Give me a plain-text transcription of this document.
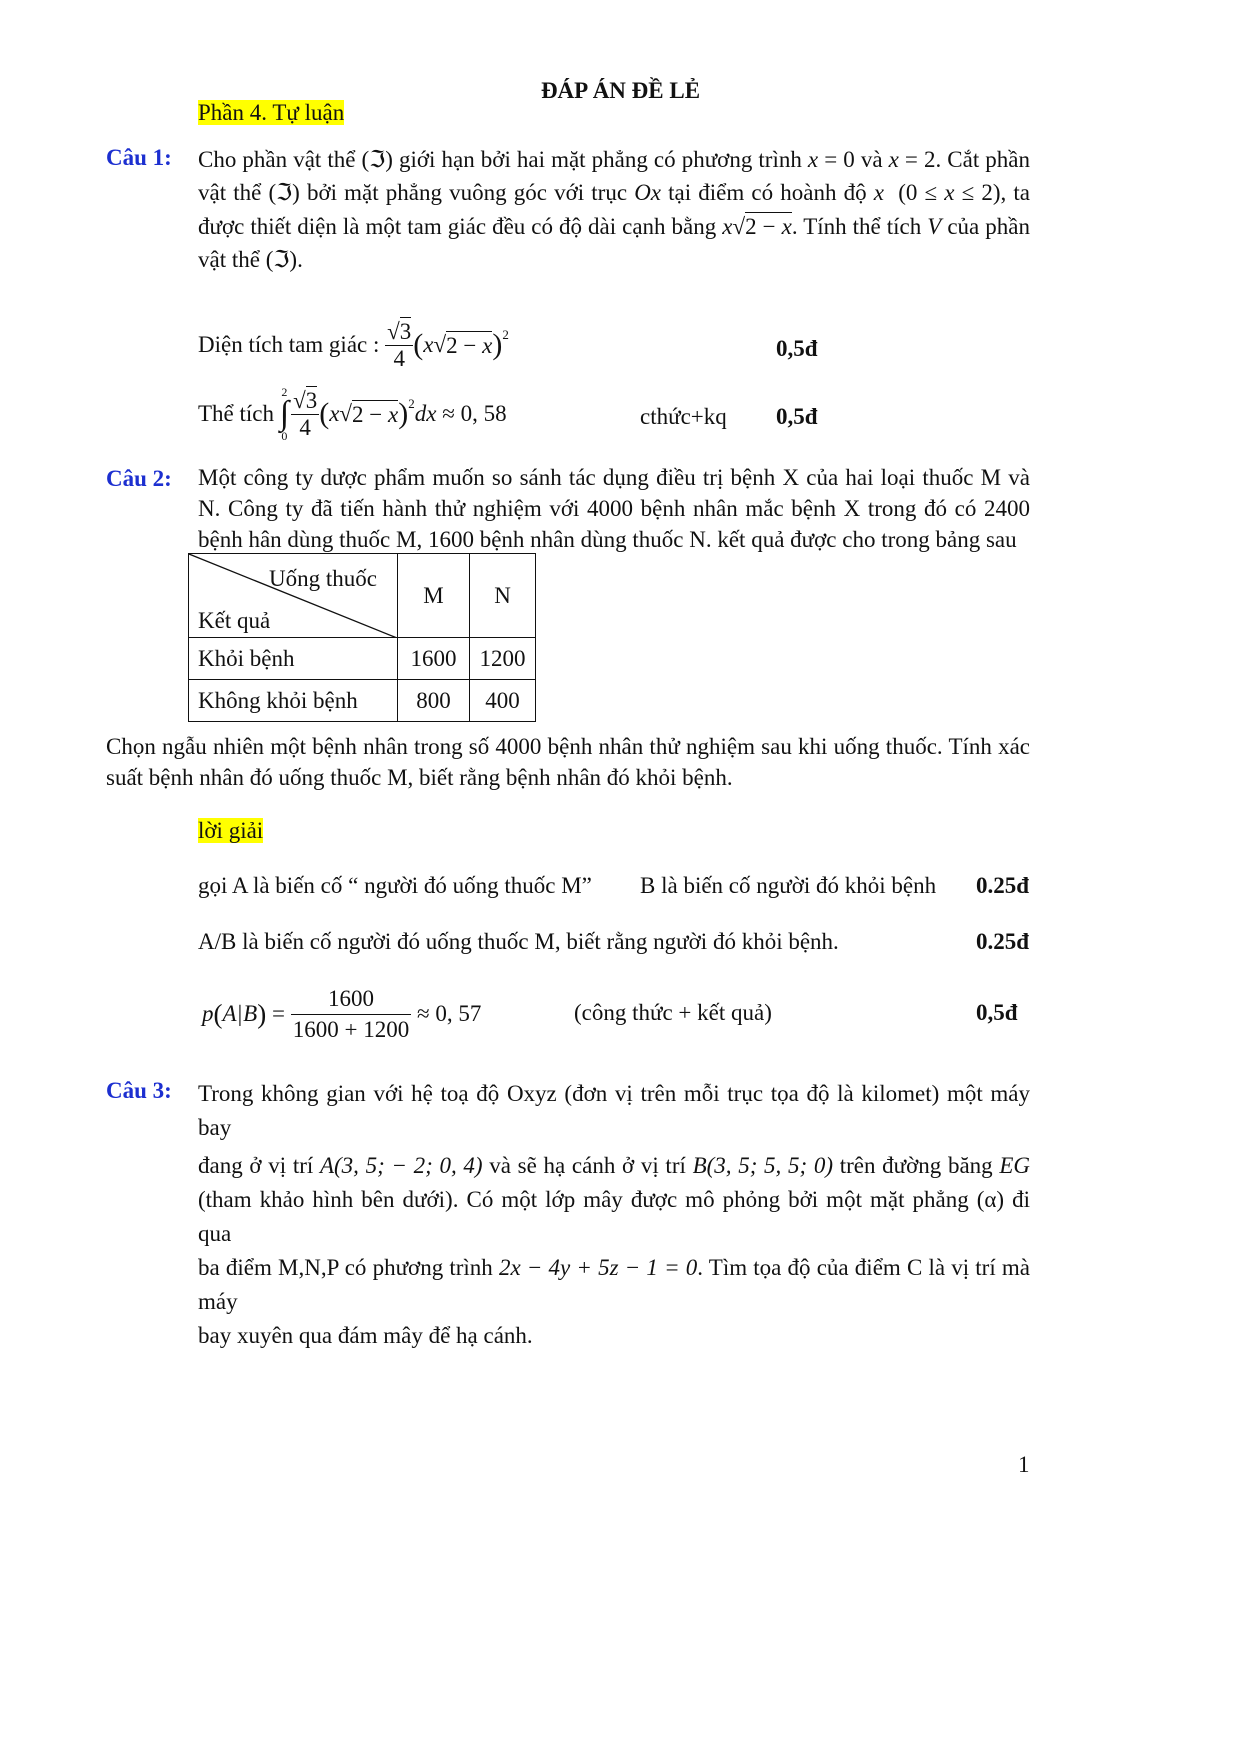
ĐÁP ÁN ĐỀ LẺ
Phần 4. Tự luận
Câu 1: Cho phần vật thể (ℑ) giới hạn bởi hai mặt phẳng có phương trình x = 0 và x = 2. Cắt phần
vật thể (ℑ) bởi mặt phẳng vuông góc với trục Ox tại điểm có hoành độ x  (0 ≤ x ≤ 2), ta
được thiết diện là một tam giác đều có độ dài cạnh bằng x√2 − x. Tính thể tích V của phần
vật thể (ℑ).
Diện tích tam giác :
$\frac{√3}{4}$ ( x √ 2 − x )$^2$
0,5đ
Thể tích

2
∫
$0 \frac{√3}{4}$ ( x √ 2 − x )$^2$ dx
≈ 0, 58	cthức+kq 0,5đ
Câu 2: Một công ty dược phẩm muốn so sánh tác dụng điều trị bệnh X của hai loại thuốc M và N. Công ty đã tiến hành thử nghiệm với 4000 bệnh nhân mắc bệnh X trong đó có 2400 bệnh hân dùng thuốc M, 1600 bệnh nhân dùng thuốc N. kết quả được cho trong bảng sau
Uống thuốc
Kết quả	M	N
Khỏi bệnh	1600	1200
Không khỏi bệnh	800	400
Chọn ngẫu nhiên một bệnh nhân trong số 4000 bệnh nhân thử nghiệm sau khi uống thuốc. Tính xác suất bệnh nhân đó uống thuốc M, biết rằng bệnh nhân đó khỏi bệnh.
lời giải
gọi A là biến cố “ người đó uống thuốc M” B là biến cố người đó khỏi bệnh 0.25đ
A/B là biến cố người đó uống thuốc M, biết rằng người đó khỏi bệnh.	0.25đ
p ( A | B ) = $\frac{1600}{1600 + 1200}$
≈ 0, 57	(công thức + kết quả)	0,5đ
Câu 3: Trong không gian với hệ toạ độ Oxyz (đơn vị trên mỗi trục tọa độ là kilomet) một máy bay
đang ở vị trí A(3, 5; − 2; 0, 4) và sẽ hạ cánh ở vị trí B(3, 5; 5, 5; 0) trên đường băng EG
(tham khảo hình bên dưới). Có một lớp mây được mô phỏng bởi một mặt phẳng (α) đi qua
ba điểm M,N,P có phương trình 2x − 4y + 5z − 1 = 0. Tìm tọa độ của điểm C là vị trí mà máy
bay xuyên qua đám mây để hạ cánh.
1
